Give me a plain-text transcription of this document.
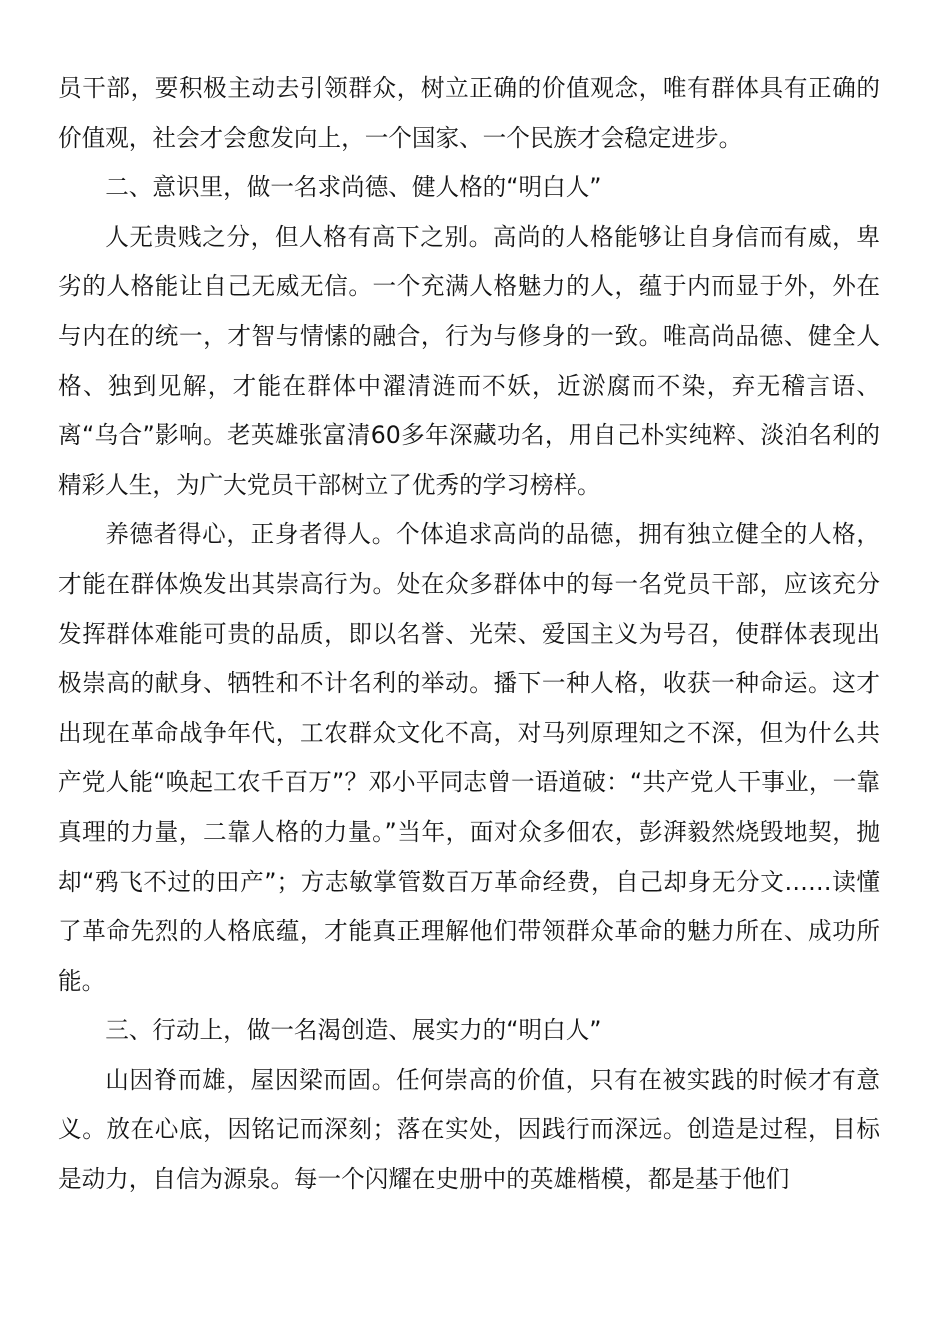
员干部，要积极主动去引领群众，树立正确的价值观念，唯有群体具有正确的价值观，社会才会愈发向上，一个国家、一个民族才会稳定进步。

二、意识里，做一名求尚德、健人格的“明白人”

人无贵贱之分，但人格有高下之别。高尚的人格能够让自身信而有威，卑劣的人格能让自己无威无信。一个充满人格魅力的人，蕴于内而显于外，外在与内在的统一，才智与情愫的融合，行为与修身的一致。唯高尚品德、健全人格、独到见解，才能在群体中濯清涟而不妖，近淤腐而不染，弃无稽言语、离“乌合”影响。老英雄张富清60多年深藏功名，用自己朴实纯粹、淡泊名利的精彩人生，为广大党员干部树立了优秀的学习榜样。

养德者得心，正身者得人。个体追求高尚的品德，拥有独立健全的人格，才能在群体焕发出其崇高行为。处在众多群体中的每一名党员干部，应该充分发挥群体难能可贵的品质，即以名誉、光荣、爱国主义为号召，使群体表现出极崇高的献身、牺牲和不计名利的举动。播下一种人格，收获一种命运。这才出现在革命战争年代，工农群众文化不高，对马列原理知之不深，但为什么共产党人能“唤起工农千百万”？邓小平同志曾一语道破：“共产党人干事业，一靠真理的力量，二靠人格的力量。”当年，面对众多佃农，彭湃毅然烧毁地契，抛却“鸦飞不过的田产”；方志敏掌管数百万革命经费，自己却身无分文……读懂了革命先烈的人格底蕴，才能真正理解他们带领群众革命的魅力所在、成功所能。

三、行动上，做一名渴创造、展实力的“明白人”

山因脊而雄，屋因梁而固。任何崇高的价值，只有在被实践的时候才有意义。放在心底，因铭记而深刻；落在实处，因践行而深远。创造是过程，目标是动力，自信为源泉。每一个闪耀在史册中的英雄楷模，都是基于他们
